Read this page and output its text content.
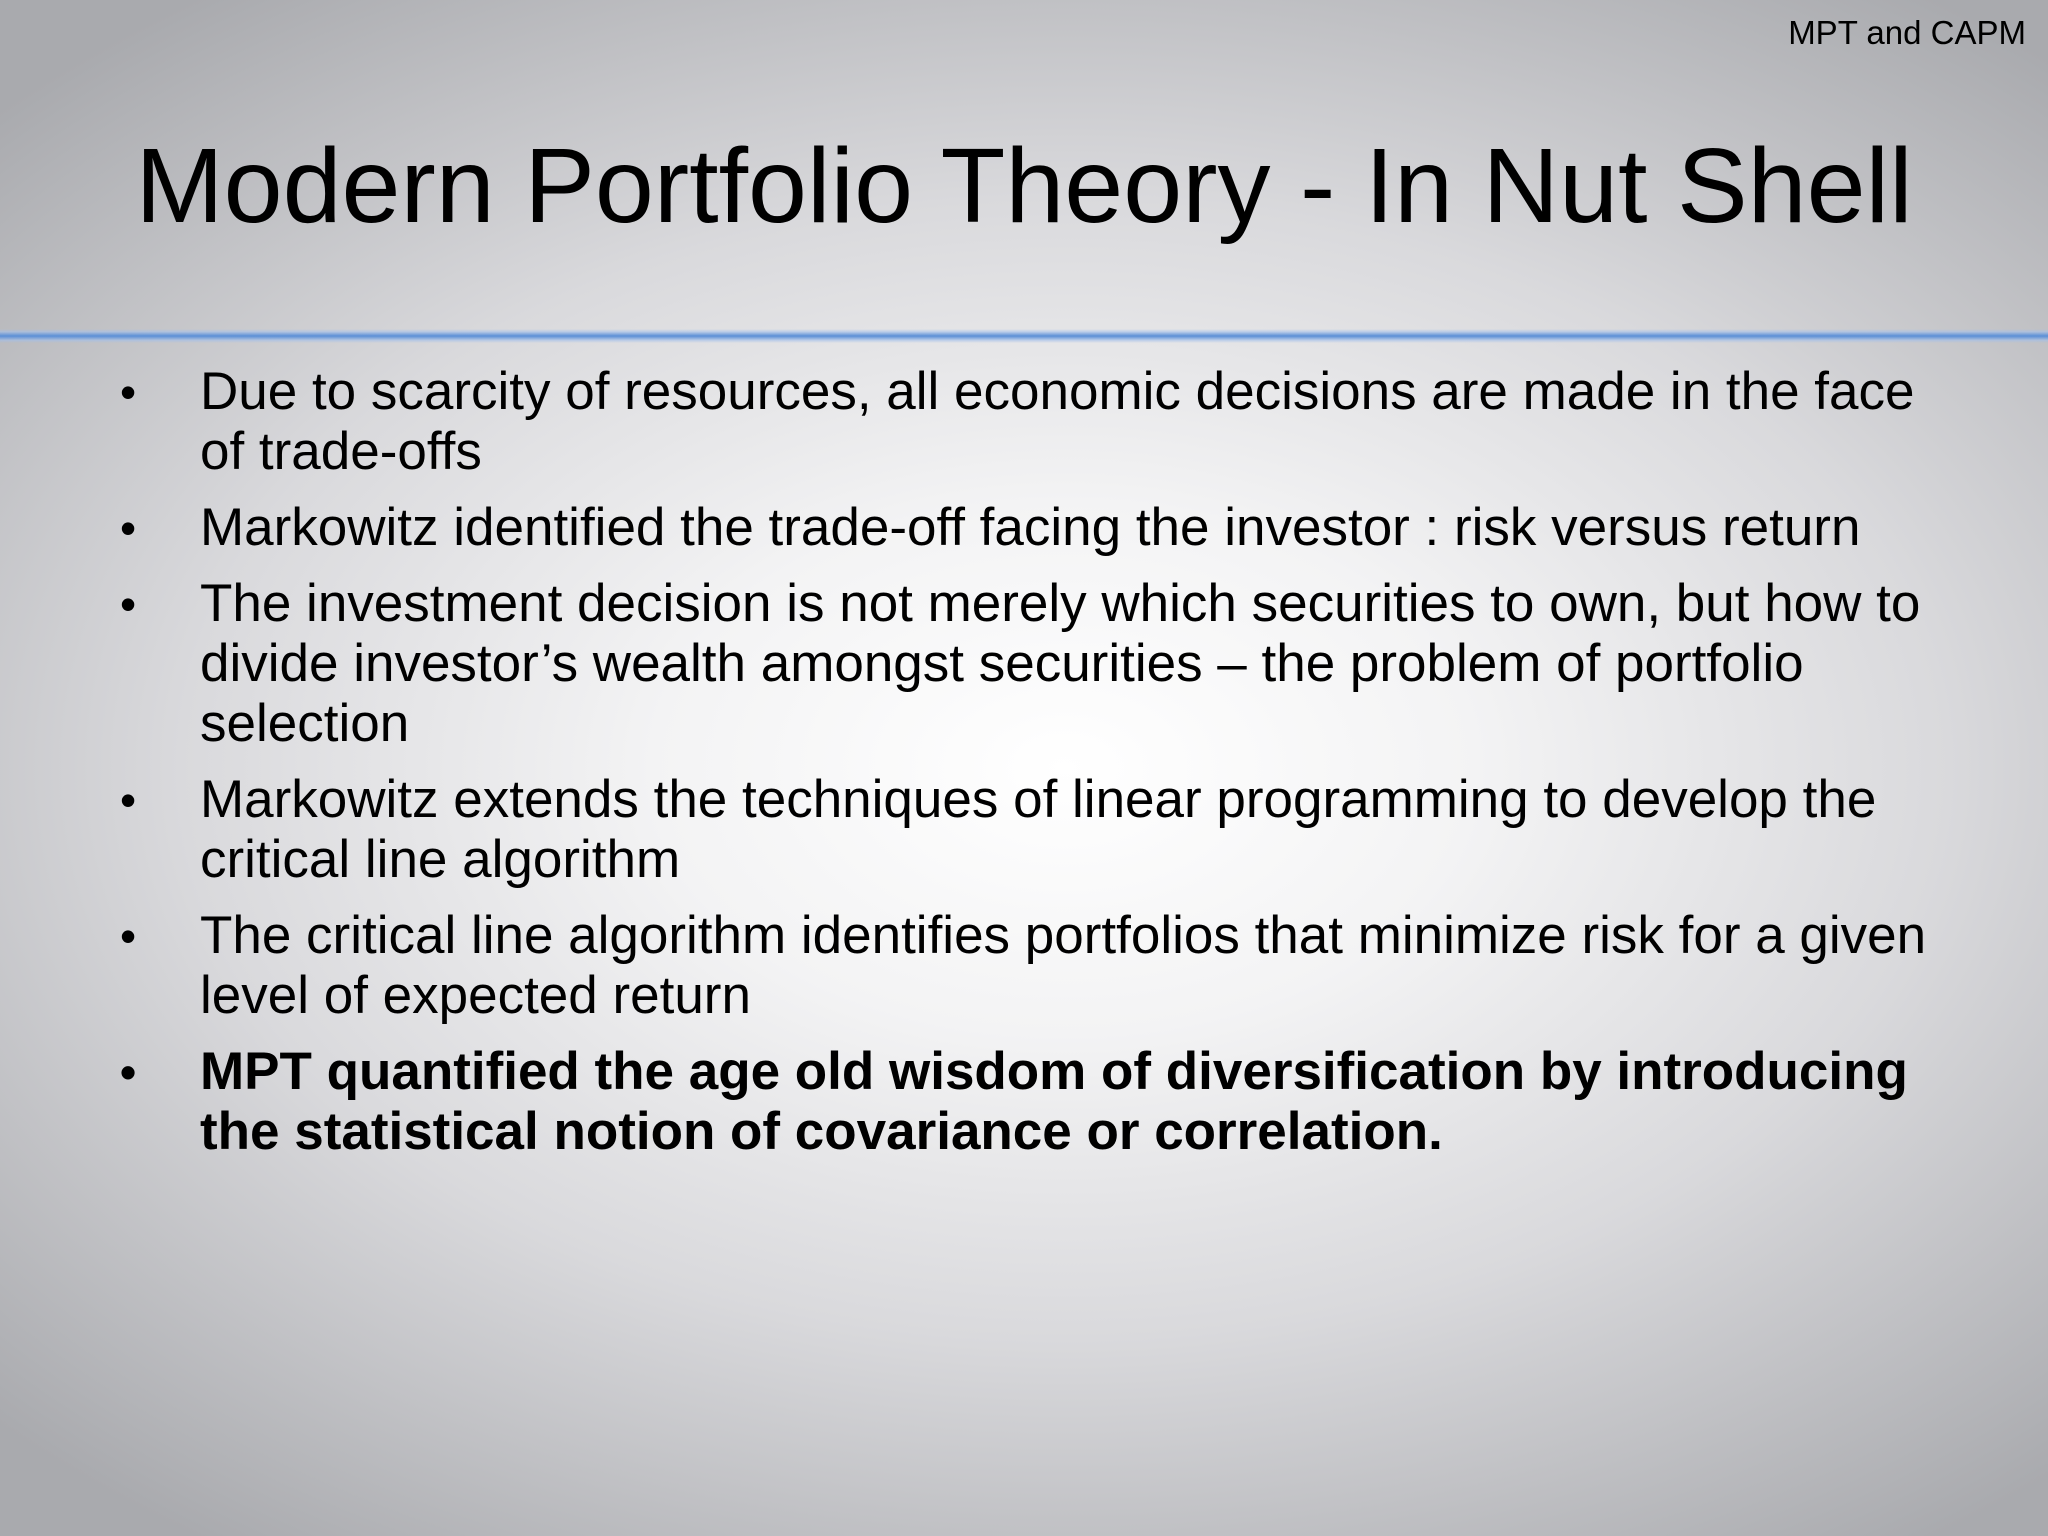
MPT and CAPM
Modern Portfolio Theory - In Nut Shell
• Due to scarcity of resources, all economic decisions are made in the face of trade-offs
• Markowitz identified the trade-off facing the investor : risk versus return
• The investment decision is not merely which securities to own, but how to divide investor’s wealth amongst securities – the problem of portfolio selection
• Markowitz extends the techniques of linear programming to develop the critical line algorithm
• The critical line algorithm identifies portfolios that minimize risk for a given level of expected return
• MPT quantified the age old wisdom of diversification by introducing the statistical notion of covariance or correlation.
